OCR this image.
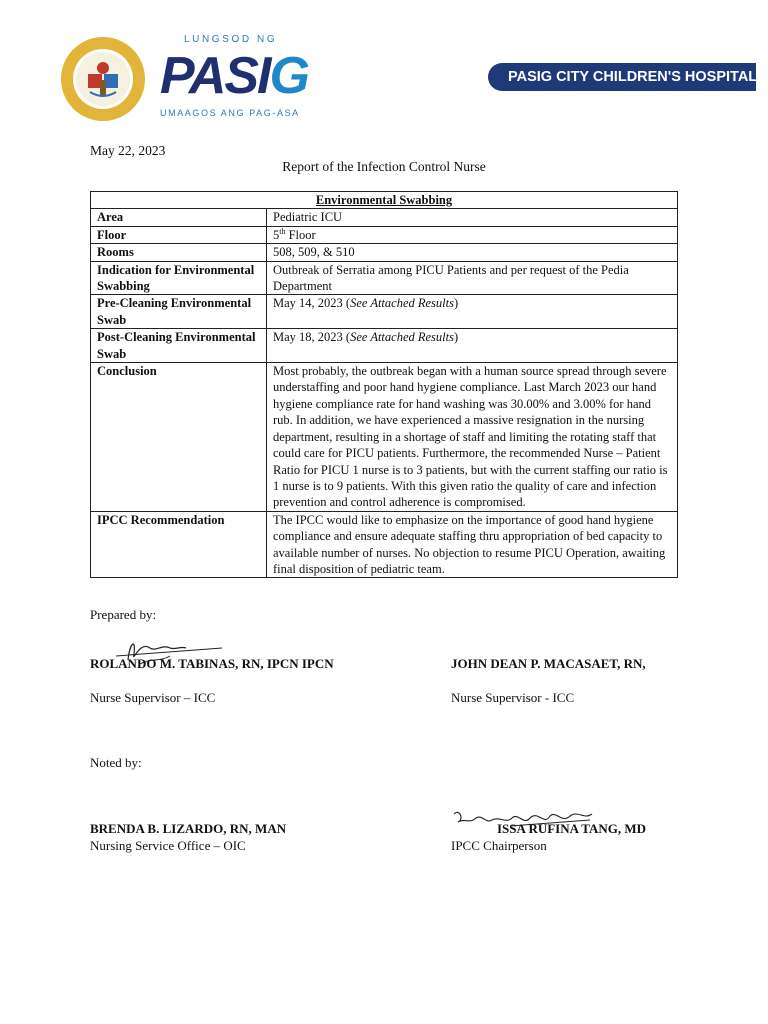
LUNGSOD NG
PASIG
UMAAGOS ANG PAG-ASA
PASIG CITY CHILDREN'S HOSPITAL
May 22, 2023
Report of the Infection Control Nurse
Environmental Swabbing	
Area	Pediatric ICU
Floor	5th Floor
Rooms	508, 509, & 510
Indication for Environmental Swabbing	Outbreak of Serratia among PICU Patients and per request of the Pedia Department
Pre-Cleaning Environmental Swab	May 14, 2023 (See Attached Results)
Post-Cleaning Environmental Swab	May 18, 2023 (See Attached Results)
Conclusion	Most probably, the outbreak began with a human source spread through severe understaffing and poor hand hygiene compliance. Last March 2023 our hand hygiene compliance rate for hand washing was 30.00% and 3.00% for hand rub. In addition, we have experienced a massive resignation in the nursing department, resulting in a shortage of staff and limiting the rotating staff that could care for PICU patients. Furthermore, the recommended Nurse – Patient Ratio for PICU 1 nurse is to 3 patients, but with the current staffing our ratio is 1 nurse is to 9 patients. With this given ratio the quality of care and infection prevention and control adherence is compromised.
IPCC Recommendation	The IPCC would like to emphasize on the importance of good hand hygiene compliance and ensure adequate staffing thru appropriation of bed capacity to available number of nurses. No objection to resume PICU Operation, awaiting final disposition of pediatric team.
Prepared by:
ROLANDO M. TABINAS, RN, IPCN IPCN
Nurse Supervisor – ICC
JOHN DEAN P. MACASAET, RN,
Nurse Supervisor - ICC
Noted by:
BRENDA B. LIZARDO, RN, MAN
Nursing Service Office – OIC
ISSA RUFINA TANG, MD
IPCC Chairperson
